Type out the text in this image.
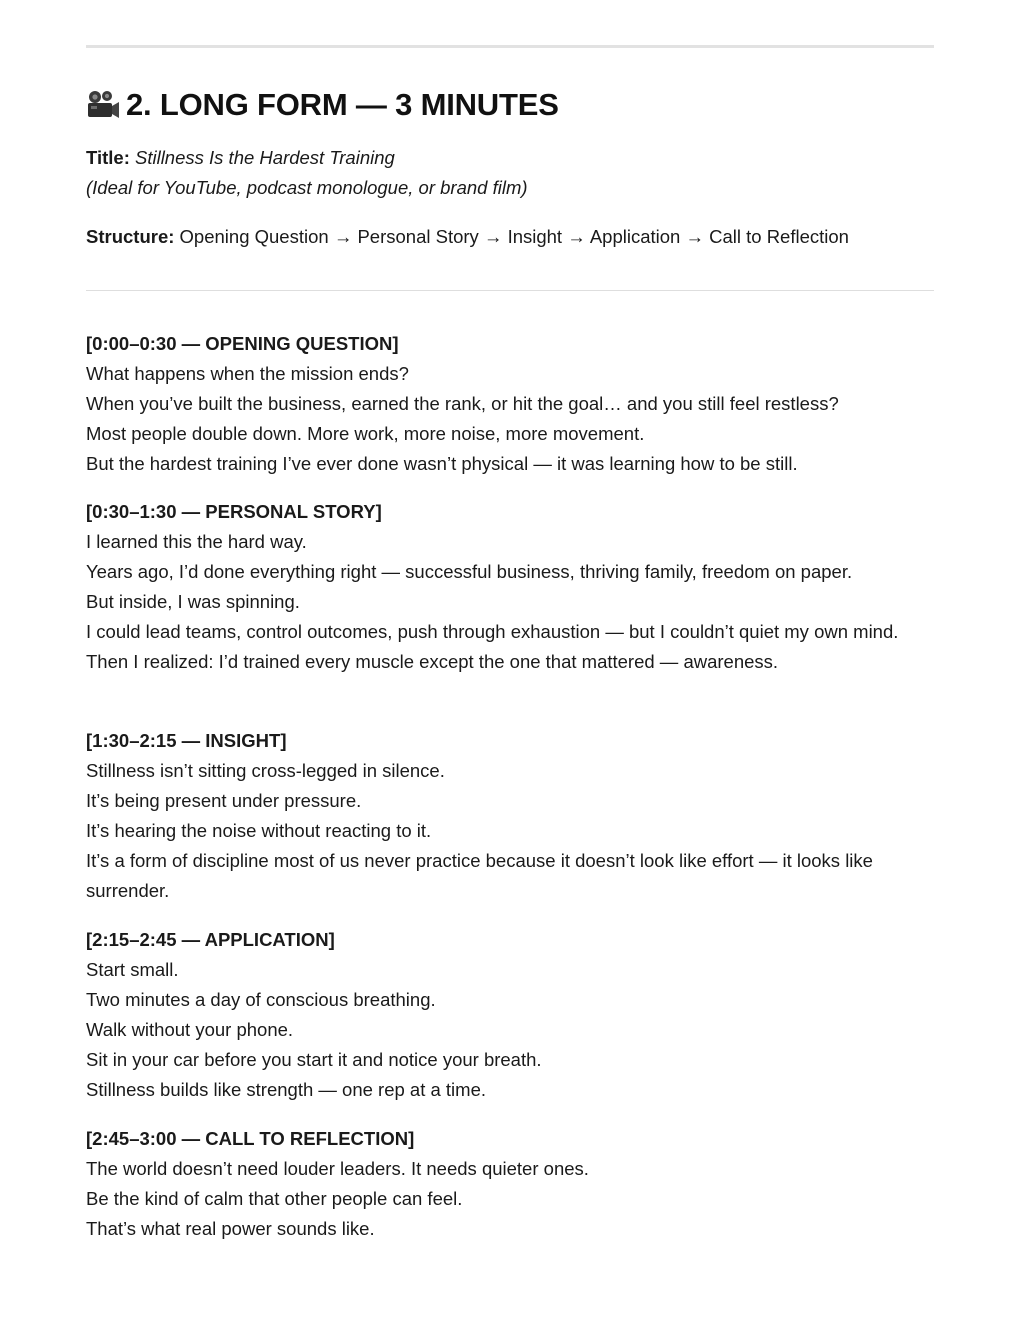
2. LONG FORM — 3 MINUTES
Title: Stillness Is the Hardest Training
(Ideal for YouTube, podcast monologue, or brand film)
Structure: Opening Question → Personal Story → Insight → Application → Call to Reflection
[0:00–0:30 — OPENING QUESTION]

What happens when the mission ends?

When you’ve built the business, earned the rank, or hit the goal… and you still feel restless?

Most people double down. More work, more noise, more movement.

But the hardest training I’ve ever done wasn’t physical — it was learning how to be still.

[0:30–1:30 — PERSONAL STORY]

I learned this the hard way.

Years ago, I’d done everything right — successful business, thriving family, freedom on paper.

But inside, I was spinning.

I could lead teams, control outcomes, push through exhaustion — but I couldn’t quiet my own mind.

Then I realized: I’d trained every muscle except the one that mattered — awareness.

[1:30–2:15 — INSIGHT]

Stillness isn’t sitting cross-legged in silence.

It’s being present under pressure.

It’s hearing the noise without reacting to it.

It’s a form of discipline most of us never practice because it doesn’t look like effort — it looks like surrender.

[2:15–2:45 — APPLICATION]

Start small.

Two minutes a day of conscious breathing.

Walk without your phone.

Sit in your car before you start it and notice your breath.

Stillness builds like strength — one rep at a time.

[2:45–3:00 — CALL TO REFLECTION]

The world doesn’t need louder leaders. It needs quieter ones.

Be the kind of calm that other people can feel.

That’s what real power sounds like.
